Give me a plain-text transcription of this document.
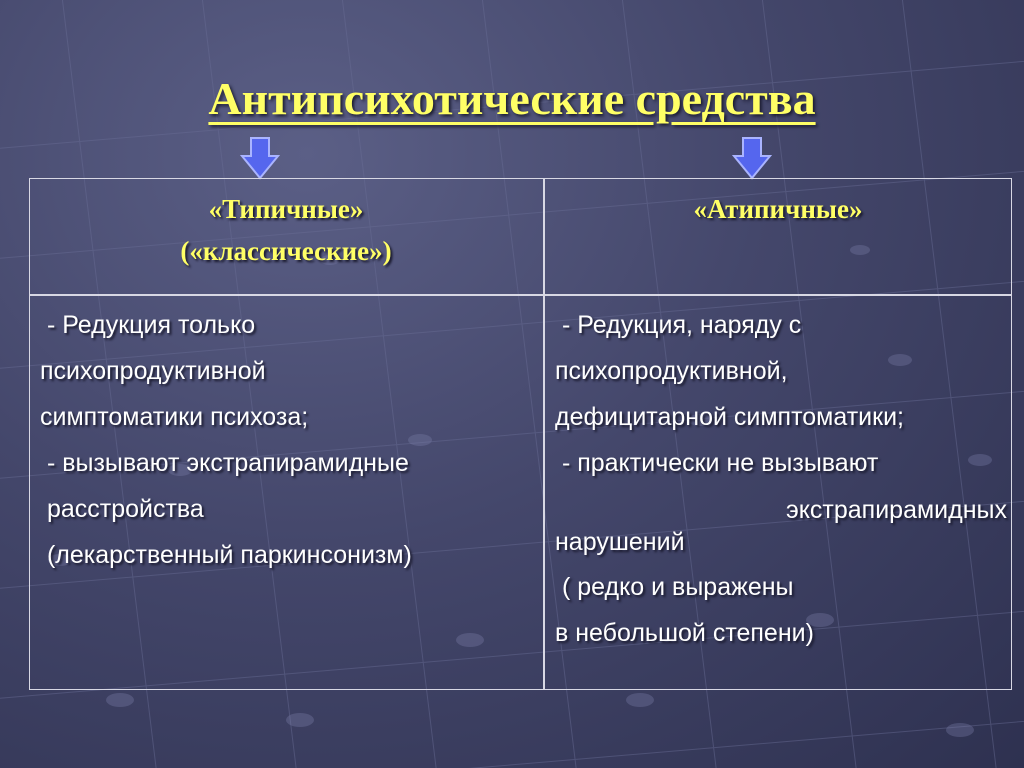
Антипсихотические средства
«Типичные»
(«классические»)
«Атипичные»
- Редукция только
психопродуктивной
симптоматики психоза;
- вызывают экстрапирамидные
расстройства
(лекарственный паркинсонизм)
- Редукция, наряду с
психопродуктивной,
дефицитарной симптоматики;
- практически не вызывают
экстрапирамидных
нарушений
( редко и выражены
в небольшой степени)
